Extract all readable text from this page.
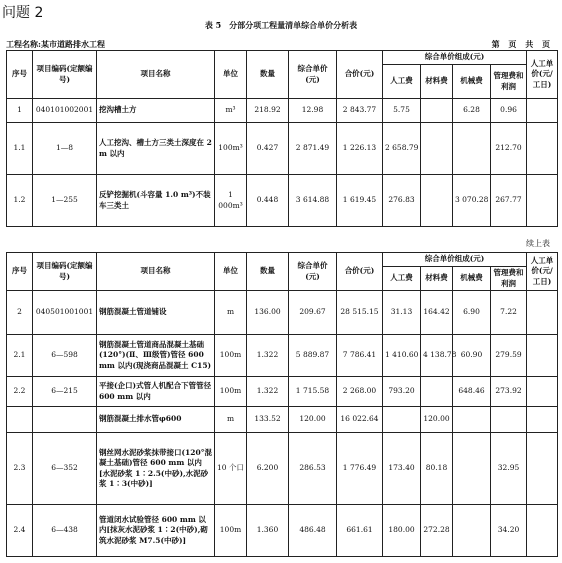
问题 2
表 5　分部分项工程量清单综合单价分析表
工程名称:某市道路排水工程	第 页 共 页
序号	项目编码(定额编号)	项目名称	单位	数量	综合单价(元)	合价(元)	综合单价组成(元)				人工单价(元/工日)
							人工费	材料费	机械费	管理费和利润	
1	040101002001	挖沟槽土方	m³	218.92	12.98	2 843.77	5.75		6.28	0.96	
1.1	1—8	人工挖沟、槽土方三类土深度在 2 m 以内	100m³	0.427	2 871.49	1 226.13	2 658.79			212.70	
1.2	1—255	反铲挖掘机(斗容量 1.0 m³)不装车三类土	1 000m³	0.448	3 614.88	1 619.45	276.83		3 070.28	267.77	
续上表
序号	项目编码(定额编号)	项目名称	单位	数量	综合单价(元)	合价(元)	综合单价组成(元)				人工单价(元/工日)
							人工费	材料费	机械费	管理费和利润	
2	040501001001	钢筋混凝土管道铺设	m	136.00	209.67	28 515.15	31.13	164.42	6.90	7.22	
2.1	6—598	钢筋混凝土管道商品混凝土基础(120°)(Ⅱ、Ⅲ级管)管径 600 mm 以内(现浇商品混凝土 C15)	100m	1.322	5 889.87	7 786.41	1 410.60	4 138.78	60.90	279.59	
2.2	6—215	平接(企口)式管人机配合下管管径 600 mm 以内	100m	1.322	1 715.58	2 268.00	793.20		648.46	273.92	
		钢筋混凝土排水管φ600	m	133.52	120.00	16 022.64		120.00			
2.3	6—352	钢丝网水泥砂浆抹带接口(120°混凝土基础)管径 600 mm 以内[水泥砂浆 1∶2.5(中砂),水泥砂浆 1∶3(中砂)]	10 个口	6.200	286.53	1 776.49	173.40	80.18		32.95	
2.4	6—438	管道闭水试验管径 600 mm 以内[抹灰水泥砂浆 1∶2(中砂),砌筑水泥砂浆 M7.5(中砂)]	100m	1.360	486.48	661.61	180.00	272.28		34.20	
